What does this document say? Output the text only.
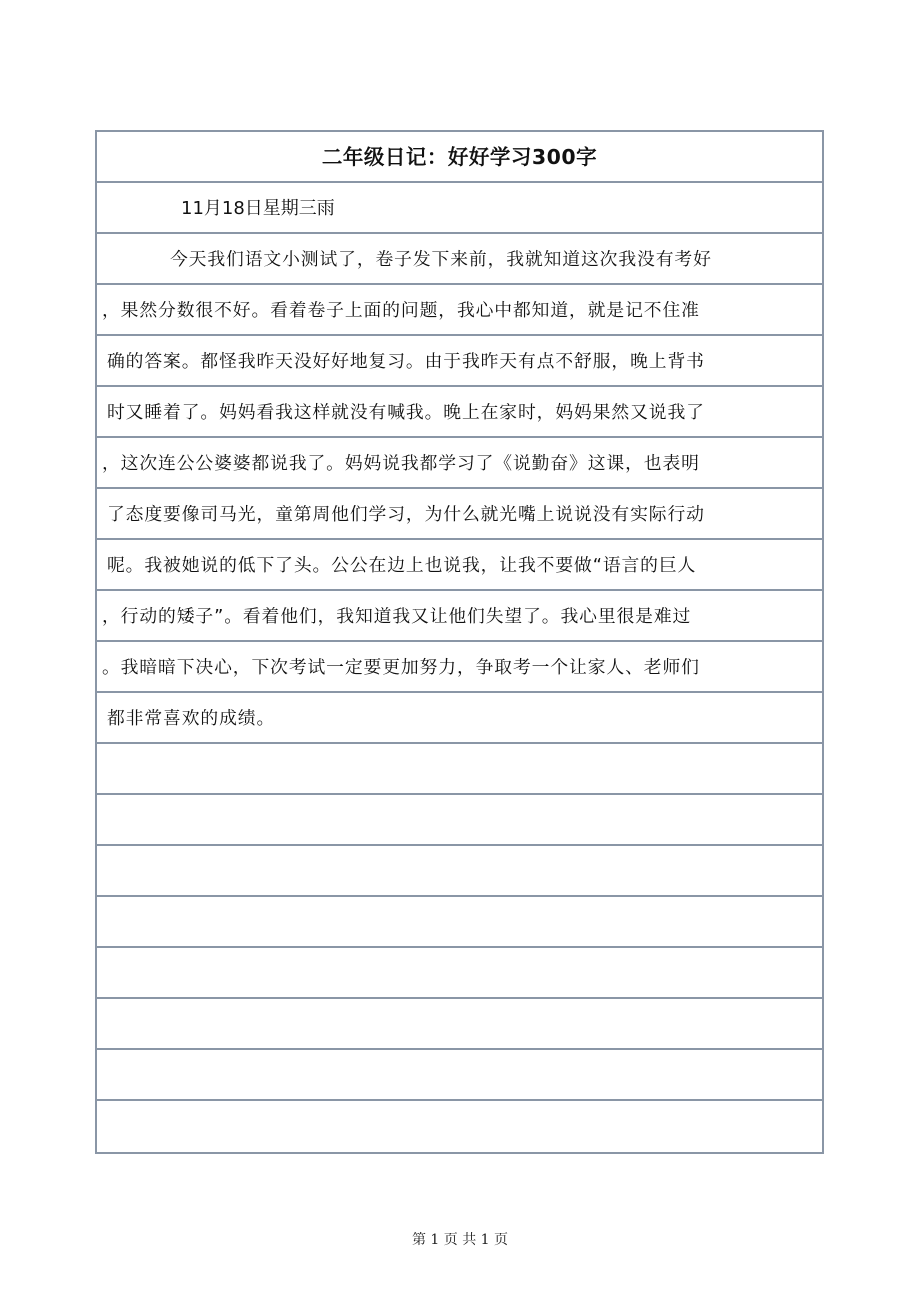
二年级日记：好好学习300字
11月18日星期三雨
今天我们语文小测试了，卷子发下来前，我就知道这次我没有考好
，果然分数很不好。看着卷子上面的问题，我心中都知道，就是记不住准
确的答案。都怪我昨天没好好地复习。由于我昨天有点不舒服，晚上背书
时又睡着了。妈妈看我这样就没有喊我。晚上在家时，妈妈果然又说我了
，这次连公公婆婆都说我了。妈妈说我都学习了《说勤奋》这课，也表明
了态度要像司马光，童第周他们学习，为什么就光嘴上说说没有实际行动
呢。我被她说的低下了头。公公在边上也说我，让我不要做“语言的巨人
，行动的矮子”。看着他们，我知道我又让他们失望了。我心里很是难过
。我暗暗下决心，下次考试一定要更加努力，争取考一个让家人、老师们
都非常喜欢的成绩。
第 1 页 共 1 页
